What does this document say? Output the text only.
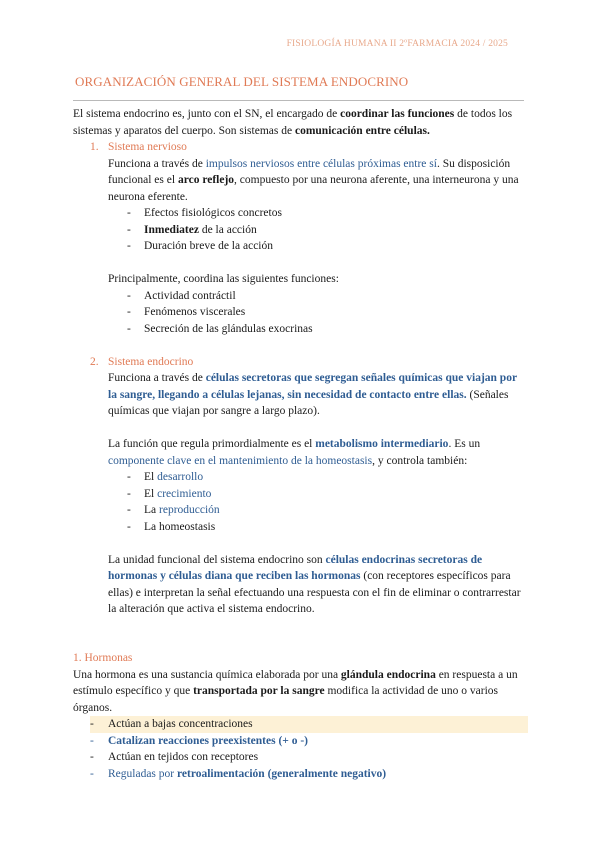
FISIOLOGÍA HUMANA II 2ºFARMACIA 2024 / 2025
ORGANIZACIÓN GENERAL DEL SISTEMA ENDOCRINO

El sistema endocrino es, junto con el SN, el encargado de coordinar las funciones de todos los sistemas y aparatos del cuerpo. Son sistemas de comunicación entre células.

1. Sistema nervioso

Funciona a través de impulsos nerviosos entre células próximas entre sí. Su disposición funcional es el arco reflejo, compuesto por una neurona aferente, una interneurona y una neurona eferente.

-	Efectos fisiológicos concretos
-	Inmediatez de la acción
-	Duración breve de la acción

Principalmente, coordina las siguientes funciones:

-	Actividad contráctil
-	Fenómenos viscerales
-	Secreción de las glándulas exocrinas
2. Sistema endocrino

Funciona a través de células secretoras que segregan señales químicas que viajan por la sangre, llegando a células lejanas, sin necesidad de contacto entre ellas. (Señales químicas que viajan por sangre a largo plazo).

La función que regula primordialmente es el metabolismo intermediario. Es un componente clave en el mantenimiento de la homeostasis, y controla también:

-	El desarrollo
-	El crecimiento
-	La reproducción
-	La homeostasis

La unidad funcional del sistema endocrino son células endocrinas secretoras de hormonas y células diana que reciben las hormonas (con receptores específicos para ellas) e interpretan la señal efectuando una respuesta con el fin de eliminar o contrarrestar la alteración que activa el sistema endocrino.

1. Hormonas

Una hormona es una sustancia química elaborada por una glándula endocrina en respuesta a un estímulo específico y que transportada por la sangre modifica la actividad de uno o varios órganos.

-	Actúan a bajas concentraciones
-	Catalizan reacciones preexistentes (+ o -)
-	Actúan en tejidos con receptores
-	Reguladas por retroalimentación (generalmente negativo)
